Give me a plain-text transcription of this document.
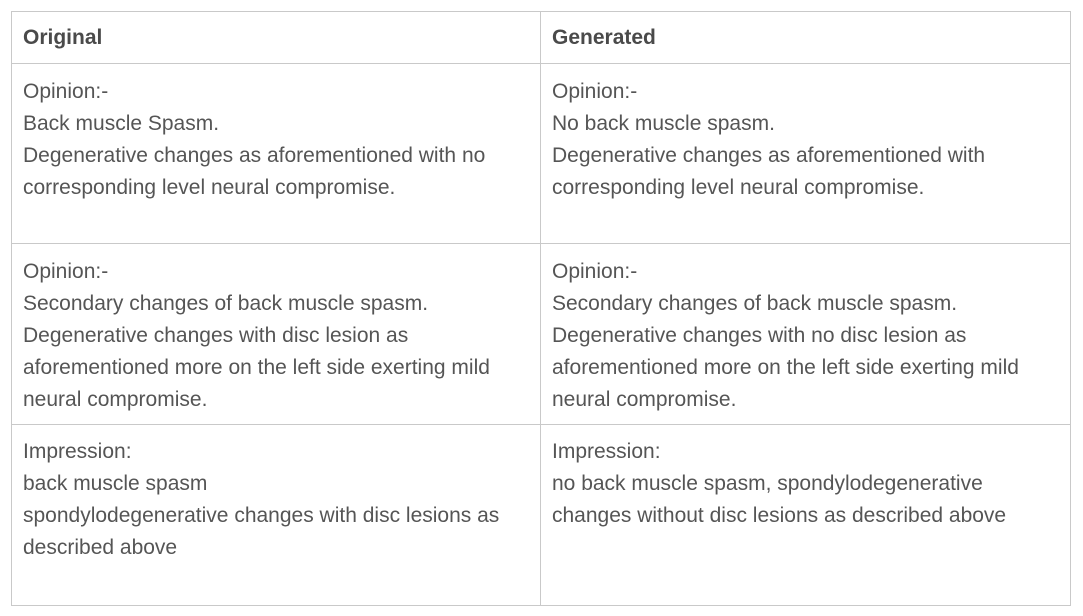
Original	Generated

Opinion:-
Back muscle Spasm.
Degenerative changes as aforementioned with no corresponding level neural compromise.	Opinion:-
No back muscle spasm.
Degenerative changes as aforementioned with corresponding level neural compromise.

Opinion:-
Secondary changes of back muscle spasm.
Degenerative changes with disc lesion as aforementioned more on the left side exerting mild neural compromise.	Opinion:-
Secondary changes of back muscle spasm.
Degenerative changes with no disc lesion as aforementioned more on the left side exerting mild neural compromise.

Impression:
back muscle spasm
spondylodegenerative changes with disc lesions as described above	Impression:
no back muscle spasm, spondylodegenerative changes without disc lesions as described above
